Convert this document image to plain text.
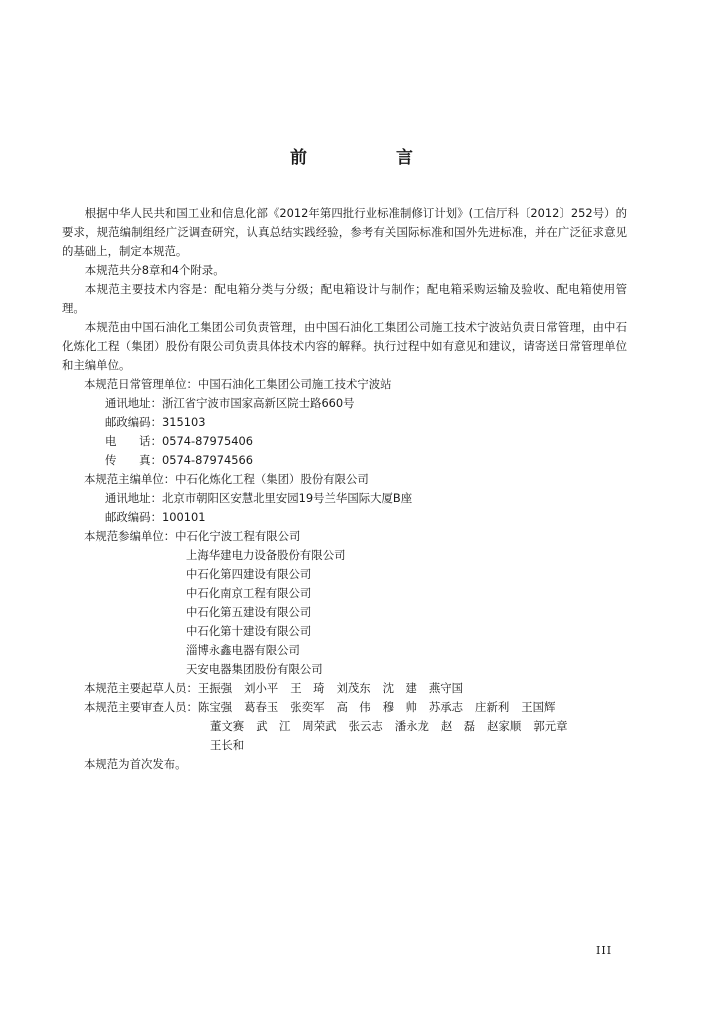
前　言

根据中华人民共和国工业和信息化部《2012年第四批行业标准制修订计划》(工信厅科〔2012〕252号）的要求，规范编制组经广泛调查研究，认真总结实践经验，参考有关国际标准和国外先进标准，并在广泛征求意见的基础上，制定本规范。

本规范共分8章和4个附录。

本规范主要技术内容是：配电箱分类与分级；配电箱设计与制作；配电箱采购运输及验收、配电箱使用管理。

本规范由中国石油化工集团公司负责管理，由中国石油化工集团公司施工技术宁波站负责日常管理，由中石化炼化工程（集团）股份有限公司负责具体技术内容的解释。执行过程中如有意见和建议，请寄送日常管理单位和主编单位。

本规范日常管理单位：中国石油化工集团公司施工技术宁波站
通讯地址：浙江省宁波市国家高新区院士路660号
邮政编码：315103
电　　话：0574-87975406
传　　真：0574-87974566
本规范主编单位：中石化炼化工程（集团）股份有限公司
通讯地址：北京市朝阳区安慧北里安园19号兰华国际大厦B座
邮政编码：100101
本规范参编单位：中石化宁波工程有限公司
上海华建电力设备股份有限公司
中石化第四建设有限公司
中石化南京工程有限公司
中石化第五建设有限公司
中石化第十建设有限公司
淄博永鑫电器有限公司
天安电器集团股份有限公司
本规范主要起草人员：王振强 刘小平 王　琦 刘茂东 沈　建 燕守国
本规范主要审查人员：陈宝强 葛春玉 张奕军 高　伟 穆　帅 苏承志 庄新利 王国辉
董文赛 武　江 周荣武 张云志 潘永龙 赵　磊 赵家顺 郭元章
王长和
本规范为首次发布。
III
